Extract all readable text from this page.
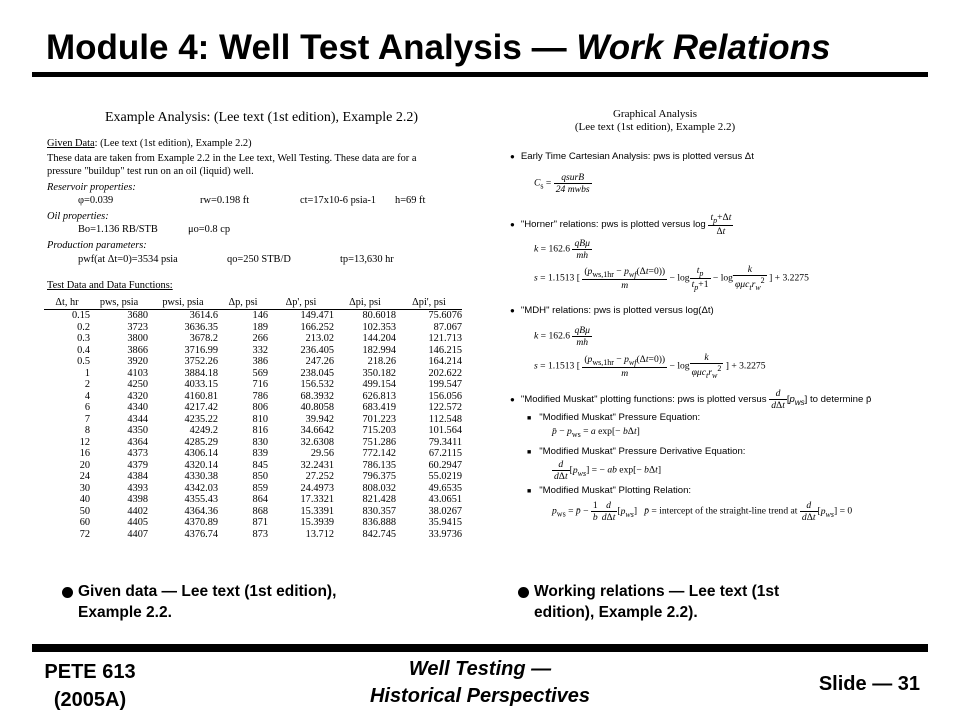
Module 4: Well Test Analysis — Work Relations
Example Analysis: (Lee text (1st edition), Example 2.2)
Given Data: (Lee text (1st edition), Example 2.2)
These data are taken from Example 2.2 in the Lee text, Well Testing. These data are for a
pressure "buildup" test run on an oil (liquid) well.
Reservoir properties:
φ=0.039	rw=0.198 ft	ct=17x10-6 psia-1 h=69 ft
Oil properties:
Bo=1.136 RB/STB	μo=0.8 cp
Production parameters:
pwf(at Δt=0)=3534 psia	qo=250 STB/D	tp=13,630 hr
Test Data and Data Functions:
Δt, hr	pws, psia	pwsi, psia	Δp, psi	Δp', psi	Δpi, psi	Δpi', psi
0.15	3680	3614.6	146	149.471	80.6018	75.6076
0.2	3723	3636.35	189	166.252	102.353	87.067
0.3	3800	3678.2	266	213.02	144.204	121.713
0.4	3866	3716.99	332	236.405	182.994	146.215
0.5	3920	3752.26	386	247.26	218.26	164.214
1	4103	3884.18	569	238.045	350.182	202.622
2	4250	4033.15	716	156.532	499.154	199.547
4	4320	4160.81	786	68.3932	626.813	156.056
6	4340	4217.42	806	40.8058	683.419	122.572
7	4344	4235.22	810	39.942	701.223	112.548
8	4350	4249.2	816	34.6642	715.203	101.564
12	4364	4285.29	830	32.6308	751.286	79.3411
16	4373	4306.14	839	29.56	772.142	67.2115
20	4379	4320.14	845	32.2431	786.135	60.2947
24	4384	4330.38	850	27.252	796.375	55.0219
30	4393	4342.03	859	24.4973	808.032	49.6535
40	4398	4355.43	864	17.3321	821.428	43.0651
50	4402	4364.36	868	15.3391	830.357	38.0267
60	4405	4370.89	871	15.3939	836.888	35.9415
72	4407	4376.74	873	13.712	842.745	33.9736
Graphical Analysis
(Lee text (1st edition), Example 2.2)
● Early Time Cartesian Analysis: pws is plotted versus Δt
$C_s = \frac{\text{qsurB}}{\text{24 mwbs}}$
● "Horner" relations: pws is plotted versus $\log \frac{t_p+\Delta t}{\Delta t}$
$k = 162.6 \frac{\text{qBμ}}{mh}$
s = 1.1513 [ $\frac{(p_{ws,1hr} - p_{wf}(\Delta t=0))}{m} - \log \frac{t_p}{t_p+1} - \log \frac{k}{\varphi\mu c_tr_w^2}$ ] + 3.2275
● "MDH" relations: pws is plotted versus log(Δt)
$k = 162.6 \frac{\text{qBμ}}{mh}$
s = 1.1513 [ $\frac{(p_{ws,1hr} - p_{wf}(\Delta t=0))}{m} - \log \frac{k}{\varphi\mu c_tr_w^2}$ ] + 3.2275
● "Modified Muskat" plotting functions: pws is plotted versus $\frac{d}{\text{dΔt}} [p_{ws}]$ to determine p̄
■ "Modified Muskat" Pressure Equation:
p̄ − $p_{ws} = a$ exp[− bΔt]
■ "Modified Muskat" Pressure Derivative Equation:
$\frac{d}{\text{dΔt}} [p_{ws}]$ = − ab exp[− bΔt]
■ "Modified Muskat" Plotting Relation:
$p_{ws}$ = p̄ − $\frac{1}{b} \frac{d}{\text{dΔt}} [p_{ws}]$   p̄ = intercept of the straight-line trend at $\frac{d}{\text{dΔt}} [p_{ws}] = 0$
Given data — Lee text (1st edition),
Example 2.2.
Working relations — Lee text (1st
edition), Example 2.2).
PETE 613
(2005A)
Well Testing —
Historical Perspectives
Slide — 31
